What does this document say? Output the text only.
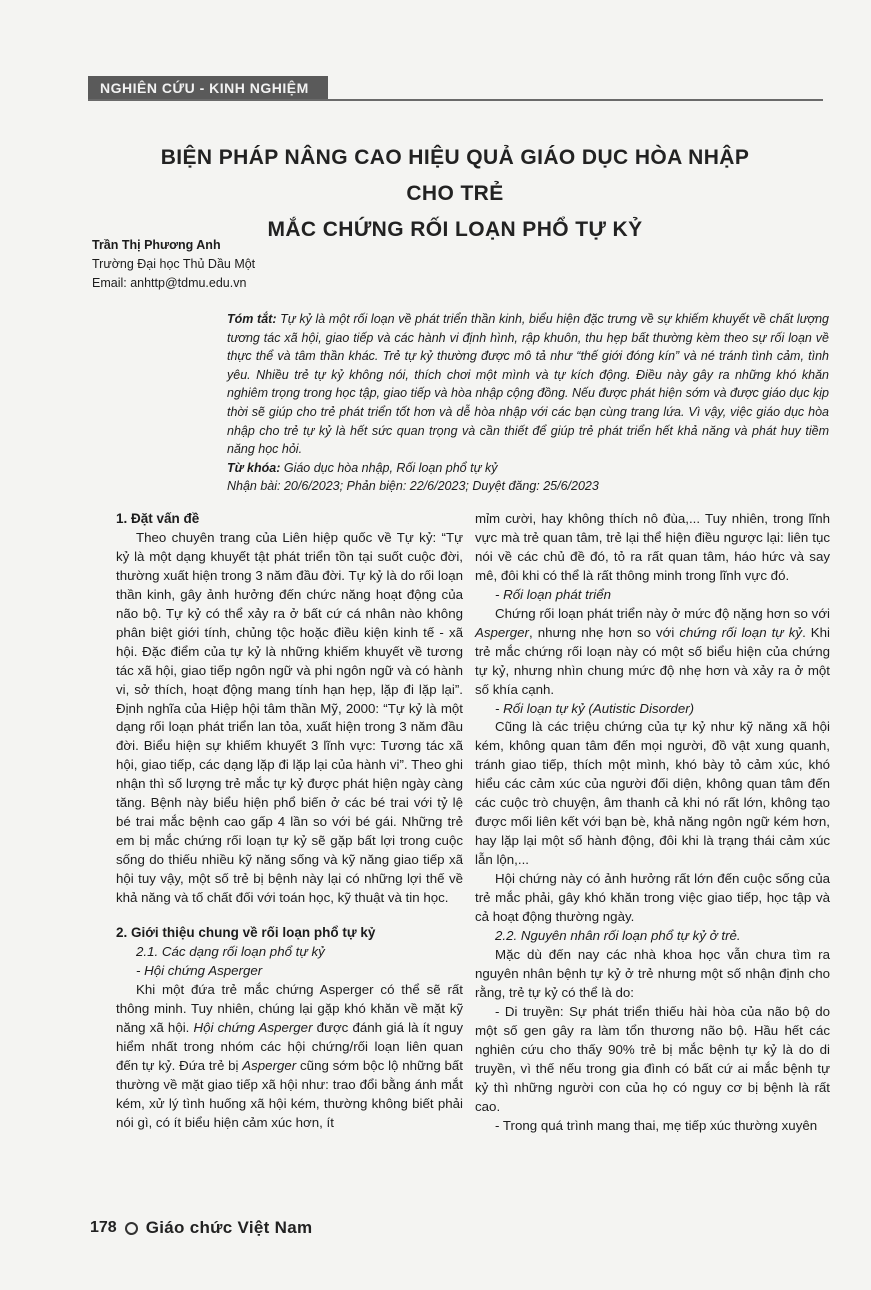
NGHIÊN CỨU - KINH NGHIỆM
BIỆN PHÁP NÂNG CAO HIỆU QUẢ GIÁO DỤC HÒA NHẬP CHO TRẺ
MẮC CHỨNG RỐI LOẠN PHỔ TỰ KỶ
Trần Thị Phương Anh
Trường Đại học Thủ Dầu Một
Email: anhttp@tdmu.edu.vn

Tóm tắt: Tự kỷ là một rối loạn về phát triển thần kinh, biểu hiện đặc trưng về sự khiếm khuyết về chất lượng tương tác xã hội, giao tiếp và các hành vi định hình, rập khuôn, thu hẹp bất thường kèm theo sự rối loạn về thực thể và tâm thần khác. Trẻ tự kỷ thường được mô tả như “thế giới đóng kín” và né tránh tình cảm, tình yêu. Nhiều trẻ tự kỷ không nói, thích chơi một mình và tự kích động. Điều này gây ra những khó khăn nghiêm trọng trong học tập, giao tiếp và hòa nhập cộng đồng. Nếu được phát hiện sớm và được giáo dục kịp thời sẽ giúp cho trẻ phát triển tốt hơn và dễ hòa nhập với các bạn cùng trang lứa. Vì vậy, việc giáo dục hòa nhập cho trẻ tự kỷ là hết sức quan trọng và cần thiết để giúp trẻ phát triển hết khả năng và phát huy tiềm năng học hỏi.

Từ khóa: Giáo dục hòa nhập, Rối loạn phổ tự kỷ

Nhận bài: 20/6/2023; Phản biện: 22/6/2023; Duyệt đăng: 25/6/2023

1. Đặt vấn đề

Theo chuyên trang của Liên hiệp quốc về Tự kỷ: “Tự kỷ là một dạng khuyết tật phát triển tồn tại suốt cuộc đời, thường xuất hiện trong 3 năm đầu đời. Tự kỷ là do rối loạn thần kinh, gây ảnh hưởng đến chức năng hoạt động của não bộ. Tự kỷ có thể xảy ra ở bất cứ cá nhân nào không phân biệt giới tính, chủng tộc hoặc điều kiện kinh tế - xã hội. Đặc điểm của tự kỷ là những khiếm khuyết về tương tác xã hội, giao tiếp ngôn ngữ và phi ngôn ngữ và có hành vi, sở thích, hoạt động mang tính hạn hẹp, lặp đi lặp lại”. Định nghĩa của Hiệp hội tâm thần Mỹ, 2000: “Tự kỷ là một dạng rối loạn phát triển lan tỏa, xuất hiện trong 3 năm đầu đời. Biểu hiện sự khiếm khuyết 3 lĩnh vực: Tương tác xã hội, giao tiếp, các dạng lặp đi lặp lại của hành vi”. Theo ghi nhận thì số lượng trẻ mắc tự kỷ được phát hiện ngày càng tăng. Bệnh này biểu hiện phổ biến ở các bé trai với tỷ lệ bé trai mắc bệnh cao gấp 4 lần so với bé gái. Những trẻ em bị mắc chứng rối loạn tự kỷ sẽ gặp bất lợi trong cuộc sống do thiếu nhiều kỹ năng sống và kỹ năng giao tiếp xã hội tuy vậy, một số trẻ bị bệnh này lại có những lợi thế về khả năng và tố chất đối với toán học, kỹ thuật và tin học.

2. Giới thiệu chung về rối loạn phổ tự kỷ

2.1. Các dạng rối loạn phổ tự kỷ

- Hội chứng Asperger

Khi một đứa trẻ mắc chứng Asperger có thể sẽ rất thông minh. Tuy nhiên, chúng lại gặp khó khăn về mặt kỹ năng xã hội. Hội chứng Asperger được đánh giá là ít nguy hiểm nhất trong nhóm các hội chứng/rối loạn liên quan đến tự kỷ. Đứa trẻ bị Asperger cũng sớm bộc lộ những bất thường về mặt giao tiếp xã hội như: trao đổi bằng ánh mắt kém, xử lý tình huống xã hội kém, thường không biết phải nói gì, có ít biểu hiện cảm xúc hơn, ít

mỉm cười, hay không thích nô đùa,... Tuy nhiên, trong lĩnh vực mà trẻ quan tâm, trẻ lại thể hiện điều ngược lại: liên tục nói về các chủ đề đó, tỏ ra rất quan tâm, háo hức và say mê, đôi khi có thể là rất thông minh trong lĩnh vực đó.

- Rối loạn phát triển

Chứng rối loạn phát triển này ở mức độ nặng hơn so với Asperger, nhưng nhẹ hơn so với chứng rối loạn tự kỷ. Khi trẻ mắc chứng rối loạn này có một số biểu hiện của chứng tự kỷ, nhưng nhìn chung mức độ nhẹ hơn và xảy ra ở một số khía cạnh.

- Rối loạn tự kỷ (Autistic Disorder)

Cũng là các triệu chứng của tự kỷ như kỹ năng xã hội kém, không quan tâm đến mọi người, đồ vật xung quanh, tránh giao tiếp, thích một mình, khó bày tỏ cảm xúc, khó hiểu các cảm xúc của người đối diện, không quan tâm đến các cuộc trò chuyện, âm thanh cả khi nó rất lớn, không tạo được mối liên kết với bạn bè, khả năng ngôn ngữ kém hơn, hay lặp lại một số hành động, đôi khi là trạng thái cảm xúc lẫn lộn,...

Hội chứng này có ảnh hưởng rất lớn đến cuộc sống của trẻ mắc phải, gây khó khăn trong việc giao tiếp, học tập và cả hoạt động thường ngày.

2.2. Nguyên nhân rối loạn phổ tự kỷ ở trẻ.

Mặc dù đến nay các nhà khoa học vẫn chưa tìm ra nguyên nhân bệnh tự kỷ ở trẻ nhưng một số nhận định cho rằng, trẻ tự kỷ có thể là do:

- Di truyền: Sự phát triển thiếu hài hòa của não bộ do một số gen gây ra làm tổn thương não bộ. Hầu hết các nghiên cứu cho thấy 90% trẻ bị mắc bệnh tự kỷ là do di truyền, vì thế nếu trong gia đình có bất cứ ai mắc bệnh tự kỷ thì những người con của họ có nguy cơ bị bệnh là rất cao.

- Trong quá trình mang thai, mẹ tiếp xúc thường xuyên

178 Giáo chức Việt Nam
